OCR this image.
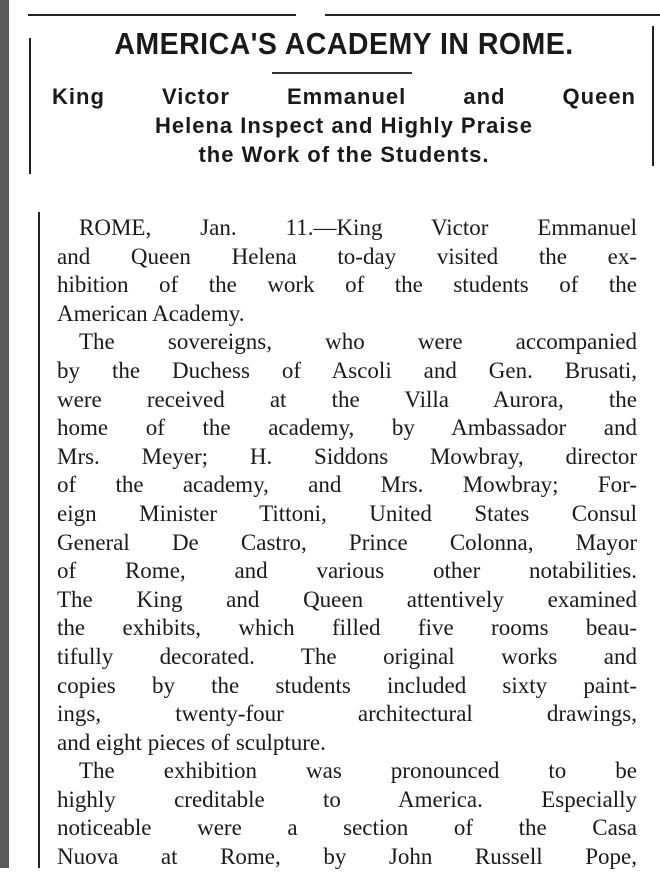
AMERICA'S ACADEMY IN ROME.
King Victor Emmanuel and Queen
Helena Inspect and Highly Praise
the Work of the Students.
ROME, Jan. 11.—King Victor Emmanuel
and Queen Helena to-day visited the ex-
hibition of the work of the students of the
American Academy.
The sovereigns, who were accompanied
by the Duchess of Ascoli and Gen. Brusati,
were received at the Villa Aurora, the
home of the academy, by Ambassador and
Mrs. Meyer; H. Siddons Mowbray, director
of the academy, and Mrs. Mowbray; For-
eign Minister Tittoni, United States Consul
General De Castro, Prince Colonna, Mayor
of Rome, and various other notabilities.
The King and Queen attentively examined
the exhibits, which filled five rooms beau-
tifully decorated. The original works and
copies by the students included sixty paint-
ings, twenty-four architectural drawings,
and eight pieces of sculpture.
The exhibition was pronounced to be
highly creditable to America. Especially
noticeable were a section of the Casa
Nuova at Rome, by John Russell Pope,
